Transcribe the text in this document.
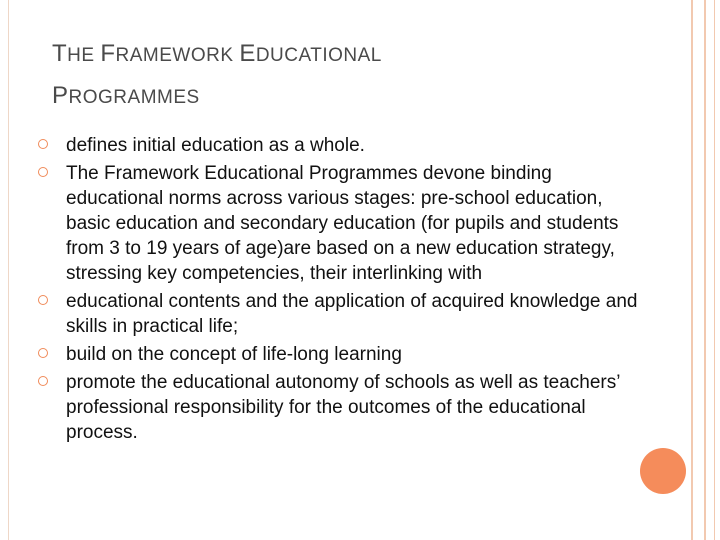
THE FRAMEWORK EDUCATIONAL
PROGRAMMES
defines initial education as a whole.
The Framework Educational Programmes devone binding educational norms across various stages: pre-school education, basic education and secondary education (for pupils and students from 3 to 19 years of age)are based on a new education strategy, stressing key competencies, their interlinking with
educational contents and the application of acquired knowledge and skills in practical life;
build on the concept of life-long learning
promote the educational autonomy of schools as well as teachers’ professional responsibility for the outcomes of the educational process.
